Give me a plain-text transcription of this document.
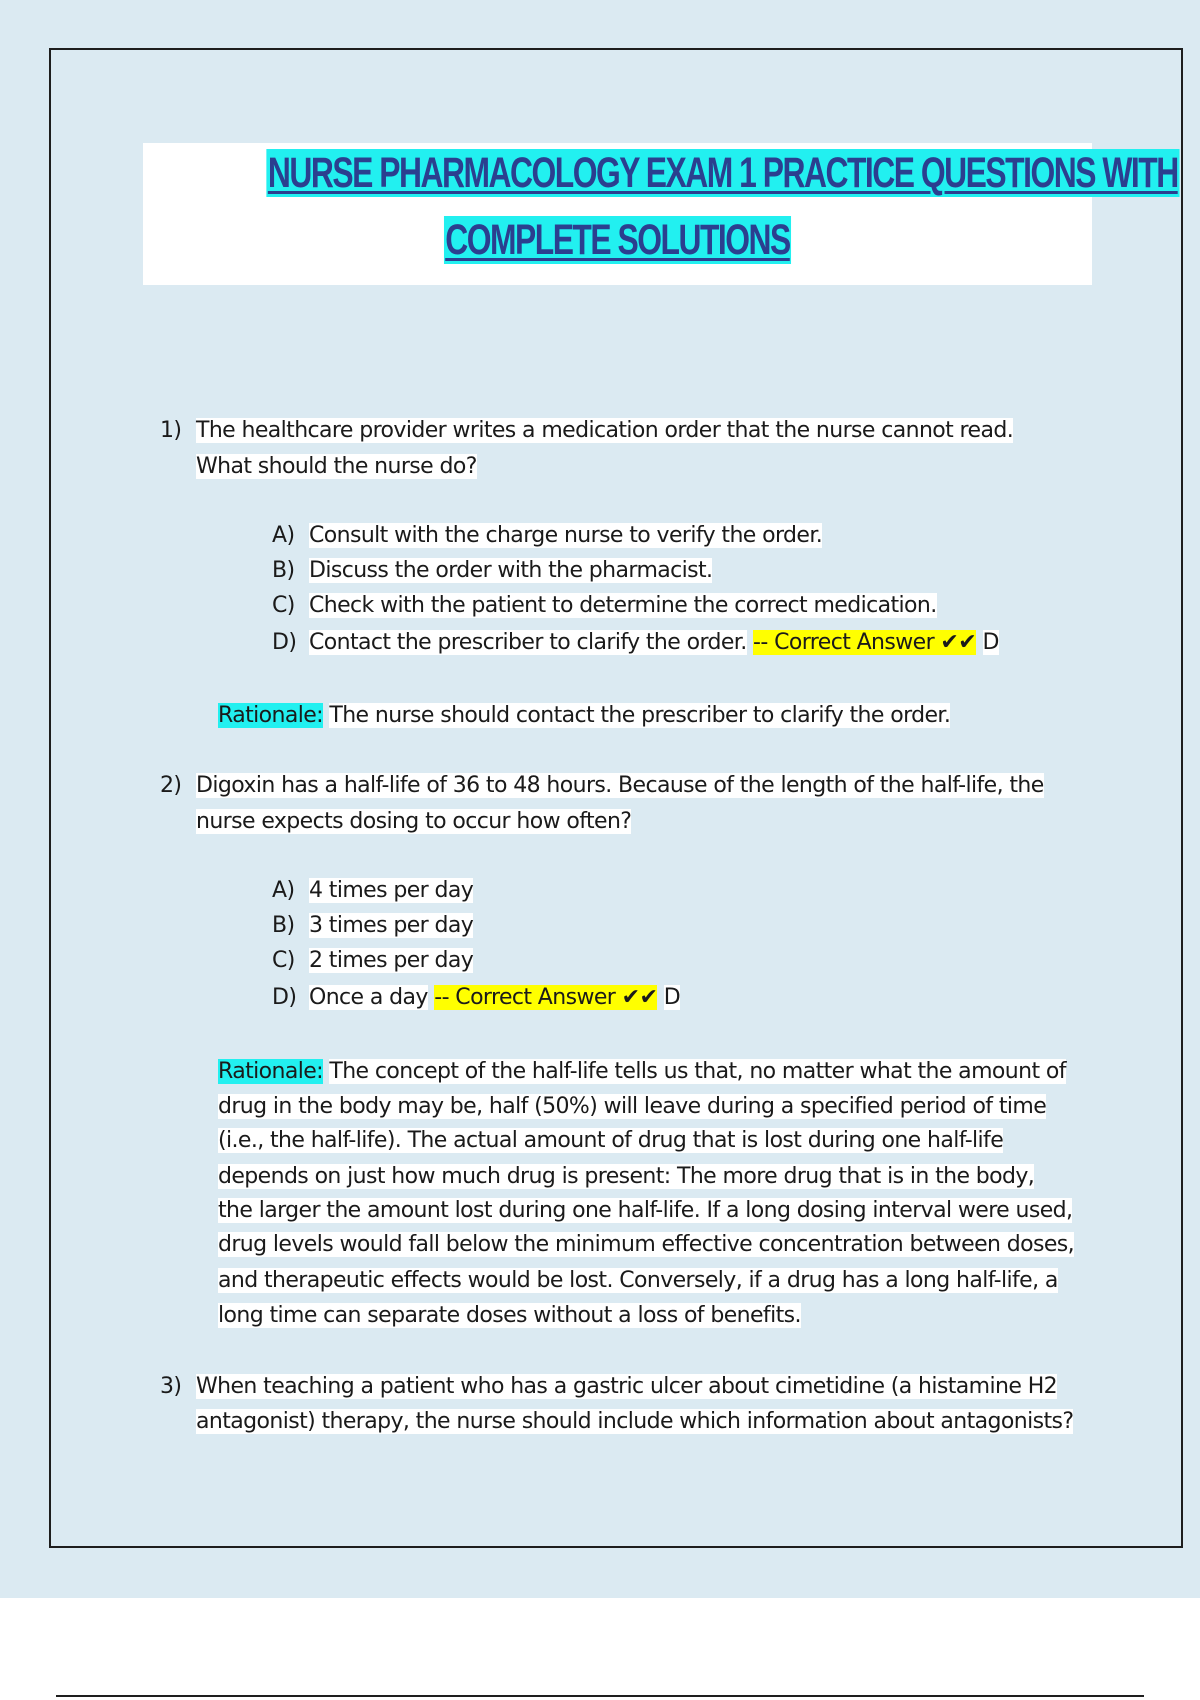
NURSE PHARMACOLOGY EXAM 1 PRACTICE QUESTIONS WITH
COMPLETE SOLUTIONS
1) The healthcare provider writes a medication order that the nurse cannot read.
What should the nurse do?
A) Consult with the charge nurse to verify the order.
B) Discuss the order with the pharmacist.
C) Check with the patient to determine the correct medication.
D) Contact the prescriber to clarify the order. -- Correct Answer ✔✔ D
Rationale: The nurse should contact the prescriber to clarify the order.
2) Digoxin has a half-life of 36 to 48 hours. Because of the length of the half-life, the
nurse expects dosing to occur how often?
A) 4 times per day
B) 3 times per day
C) 2 times per day
D) Once a day -- Correct Answer ✔✔ D
Rationale: The concept of the half-life tells us that, no matter what the amount of
drug in the body may be, half (50%) will leave during a specified period of time
(i.e., the half-life). The actual amount of drug that is lost during one half-life
depends on just how much drug is present: The more drug that is in the body,
the larger the amount lost during one half-life. If a long dosing interval were used,
drug levels would fall below the minimum effective concentration between doses,
and therapeutic effects would be lost. Conversely, if a drug has a long half-life, a
long time can separate doses without a loss of benefits.
3) When teaching a patient who has a gastric ulcer about cimetidine (a histamine H2
antagonist) therapy, the nurse should include which information about antagonists?
